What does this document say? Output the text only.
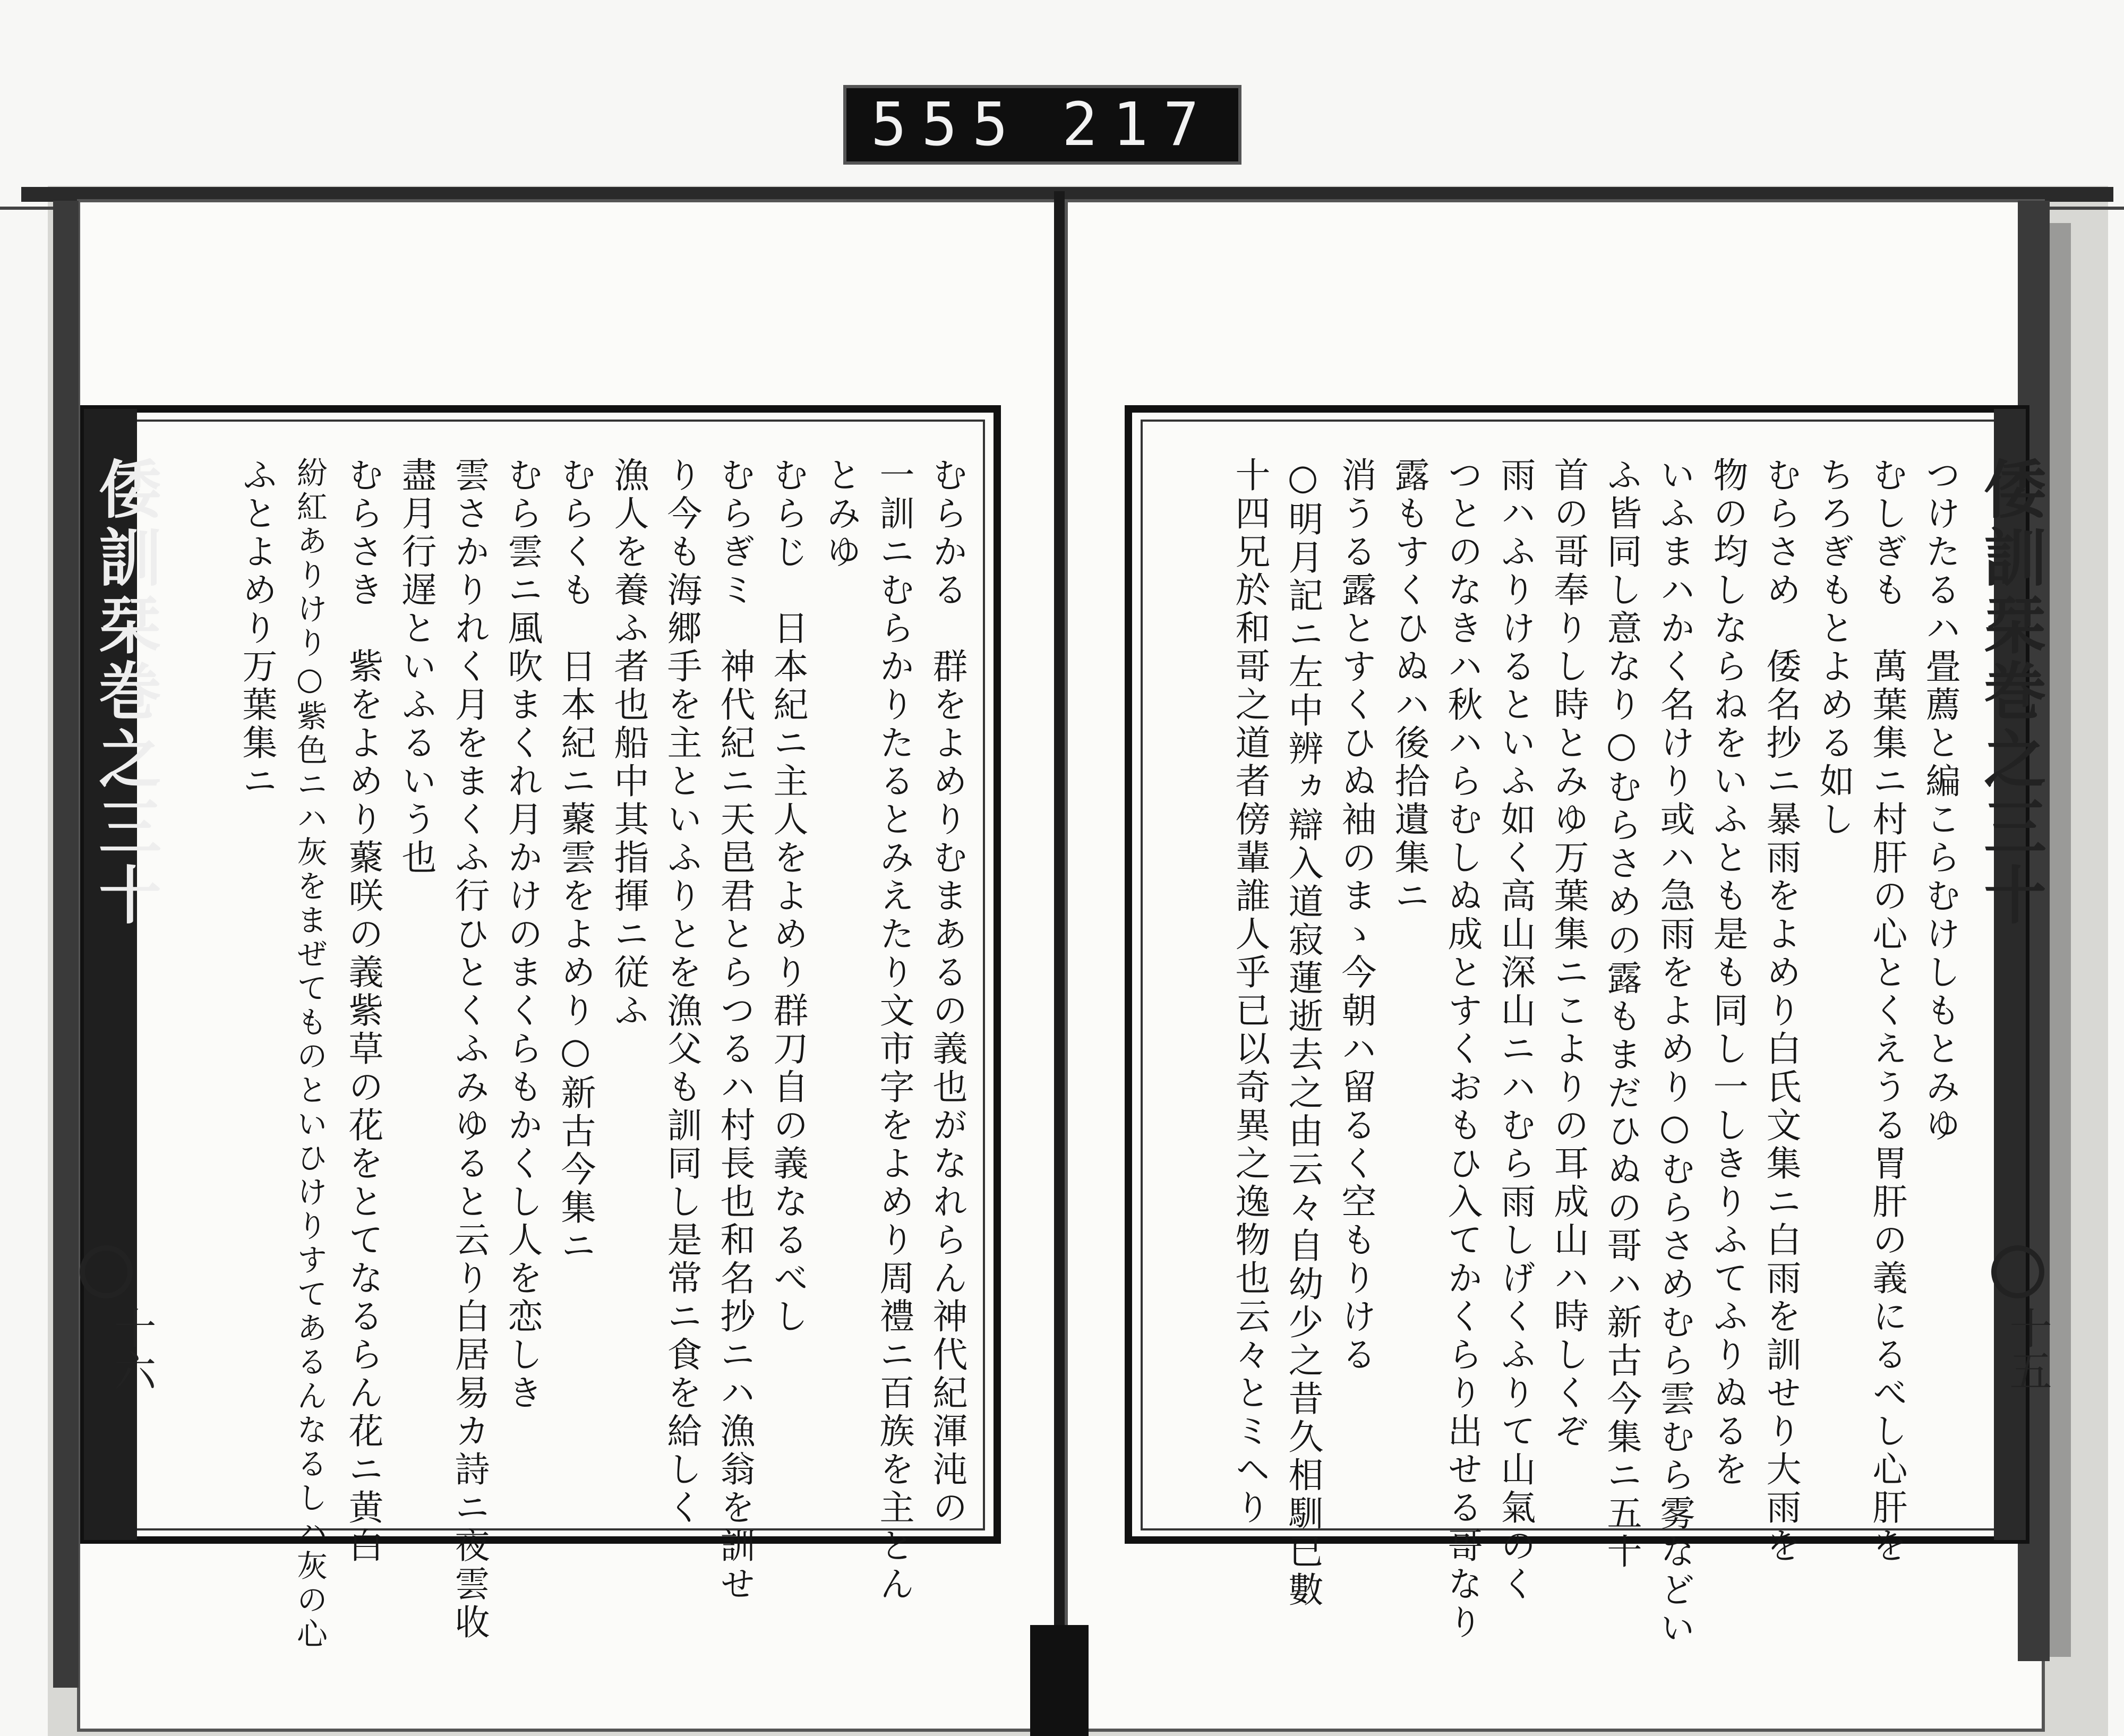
555 217
倭訓栞
巻之三十
十五
倭訓栞
巻之三十
十六
つけたるハ畳薦と編こらむけしもとみゆ
むしぎも　萬葉集ニ村肝の心とくえうる胃肝の義にるべし心肝を
ちろぎもとよめる如し
むらさめ　倭名抄ニ暴雨をよめり白氏文集ニ白雨を訓せり大雨を
物の均しならねをいふとも是も同し一しきりふてふりぬるを
いふまハかく名けり或ハ急雨をよめり○むらさめむら雲むら雾などい
ふ皆同し意なり○むらさめの露もまだひぬの哥ハ新古今集ニ五十
首の哥奉りし時とみゆ万葉集ニこよりの耳成山ハ時しくぞ
雨ハふりけるといふ如く高山深山ニハむら雨しげくふりて山氣のく
つとのなきハ秋ハらむしぬ成とすくおもひ入てかくらり出せる哥なり
露もすくひぬハ後拾遺集ニ
消うる露とすくひぬ袖のまゝ今朝ハ留るく空もりける
○明月記ニ左中辨ヵ辯入道寂蓮逝去之由云々自幼少之昔久相馴已數
十四兄於和哥之道者傍輩誰人乎已以奇異之逸物也云々とミヘり
むらかる　群をよめりむまあるの義也がなれらん神代紀渾沌の
一訓ニむらかりたるとみえたり文市字をよめり周禮ニ百族を主とん
とみゆ
むらじ　日本紀ニ主人をよめり群刀自の義なるべし
むらぎミ　神代紀ニ天邑君とらつるハ村長也和名抄ニハ漁翁を訓せ
り今も海郷手を主といふりとを漁父も訓同し是常ニ食を給しく
漁人を養ふ者也船中其指揮ニ従ふ
むらくも　日本紀ニ藂雲をよめり○新古今集ニ
むら雲ニ風吹まくれ月かけのまくらもかくし人を恋しき
雲さかりれく月をまくふ行ひとくふみゆると云り白居易カ詩ニ夜雲收
盡月行遅といふるいう也
むらさき　紫をよめり藂咲の義紫草の花をとてなるらん花ニ黄白
紛紅ありけり○紫色ニハ灰をまぜてものといひけりすてあるんなるしハ灰の心
ふとよめり万葉集ニ
